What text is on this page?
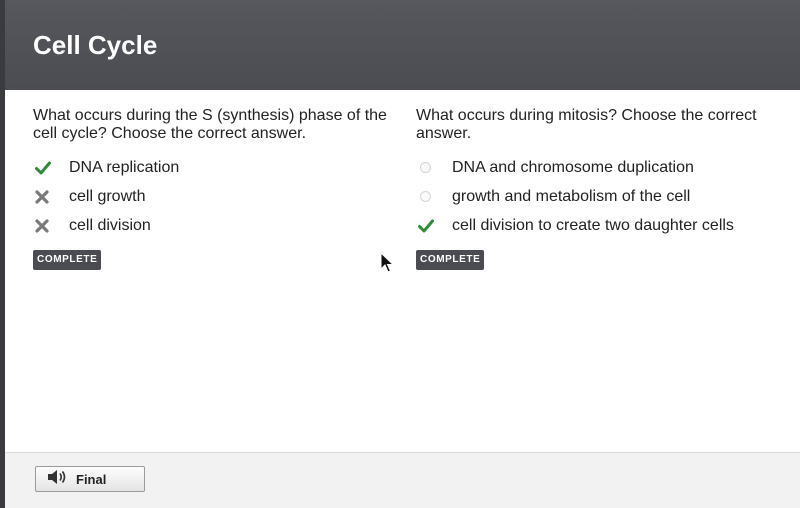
Cell Cycle

What occurs during the S (synthesis) phase of the cell cycle? Choose the correct answer.

DNA replication
cell growth
cell division
COMPLETE

What occurs during mitosis? Choose the correct answer.

DNA and chromosome duplication
growth and metabolism of the cell
cell division to create two daughter cells
COMPLETE
Final
